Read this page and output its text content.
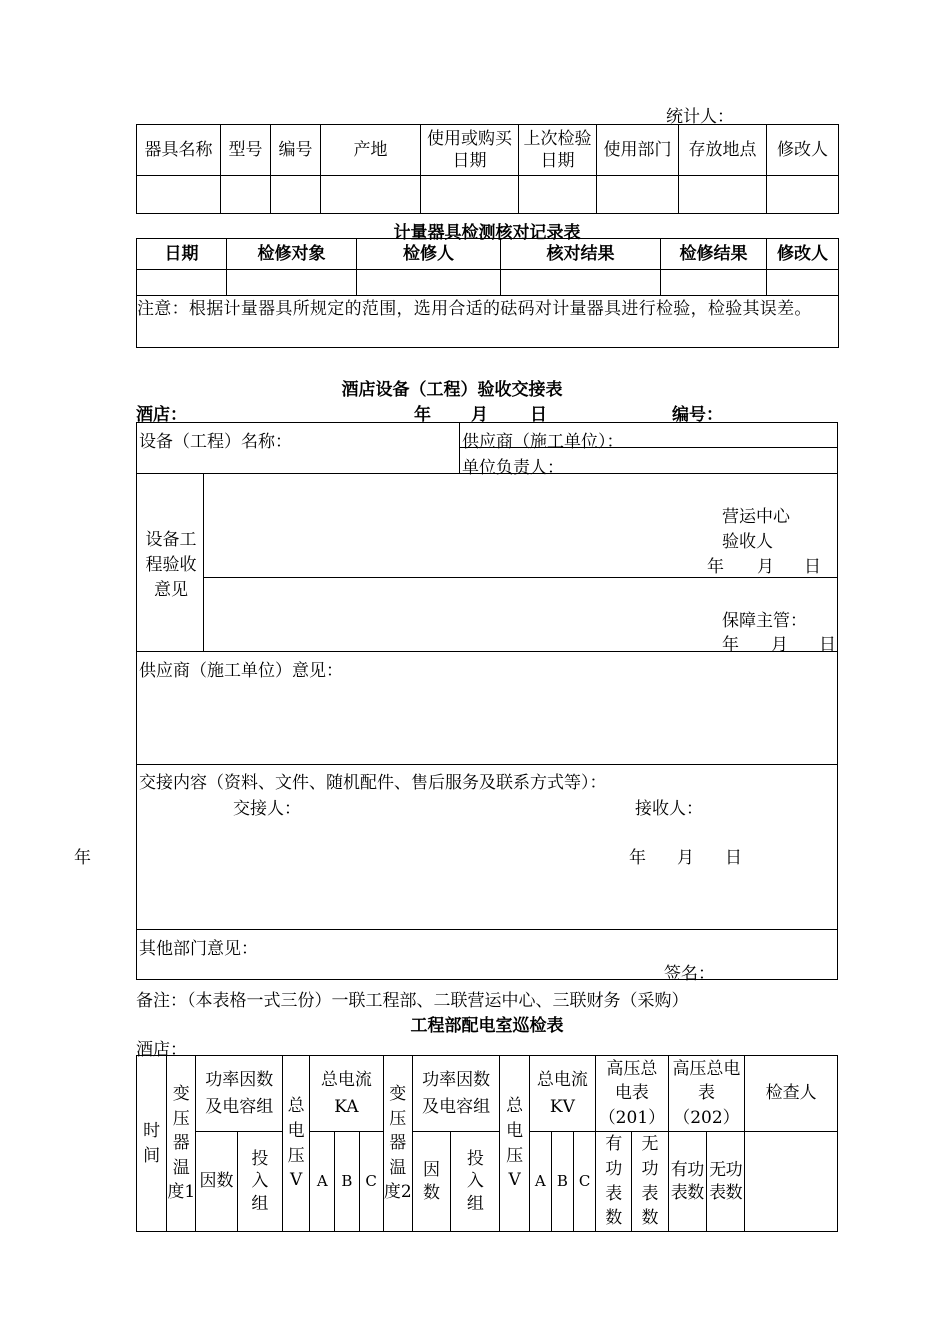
统计人：
器具名称	型号	编号	产地	使用或购买日期	上次检验日期	使用部门	存放地点	修改人

计量器具检测核对记录表
日期	检修对象	检修人	核对结果	检修结果	修改人

注意：根据计量器具所规定的范围，选用合适的砝码对计量器具进行检验，检验其误差。					
酒店设备（工程）验收交接表
酒店：	年 月 日	编号：
设备（工程）名称：	供应商（施工单位）：
单位负责人：
设备工程验收意见
营运中心
验收人
年 月 日
保障主管：
年 月 日
供应商（施工单位）意见：
交接内容（资料、文件、随机配件、售后服务及联系方式等）：
交接人：	接收人：
年	年 月 日
其他部门意见：
签名：
备注：（本表格一式三份）一联工程部、二联营运中心、三联财务（采购）
工程部配电室巡检表
酒店：
时间	变压器温度1	功率因数及电容组		总电压V	总电流KA			变压器温度2	功率因数及电容组		总电压V	总电流KV			高压总电表（201）		高压总电表（202）		检查人
		因数	投入组		A	B	C		因数	投入组		A	B	C	有功表数	无功表数	有功表数	无功表数	
